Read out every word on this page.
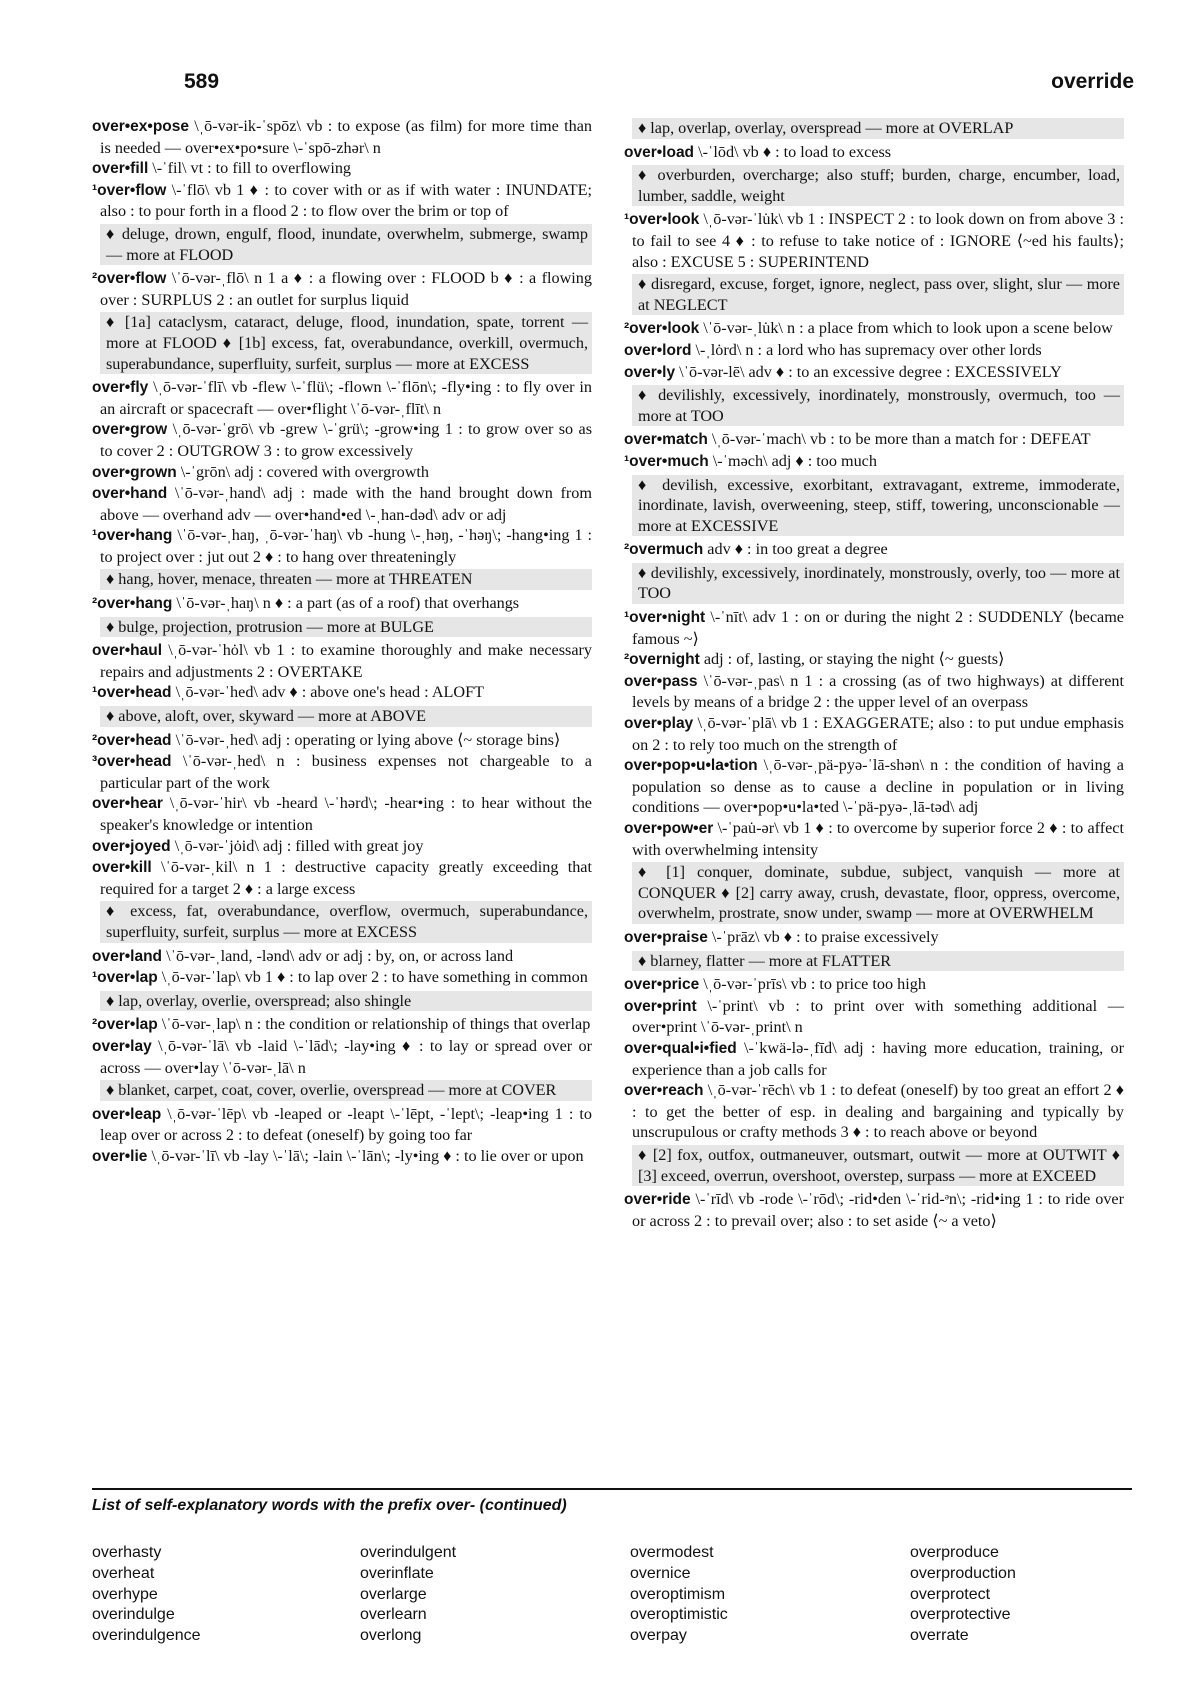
589	override
over•ex•pose \ˌō-vər-ik-ˈspōz\ vb : to expose (as film) for more time than is needed — over•ex•po•sure \-ˈspō-zhər\ n
over•fill \-ˈfil\ vt : to fill to overflowing
¹over•flow \-ˈflō\ vb 1 ♦ : to cover with or as if with water : INUNDATE; also : to pour forth in a flood 2 : to flow over the brim or top of
♦ deluge, drown, engulf, flood, inundate, overwhelm, submerge, swamp — more at FLOOD
²over•flow \ˈō-vər-ˌflō\ n 1 a ♦ : a flowing over : FLOOD b ♦ : a flowing over : SURPLUS 2 : an outlet for surplus liquid
♦ [1a] cataclysm, cataract, deluge, flood, inundation, spate, torrent — more at FLOOD ♦ [1b] excess, fat, overabundance, overkill, overmuch, superabundance, superfluity, surfeit, surplus — more at EXCESS
over•fly \ˌō-vər-ˈflī\ vb -flew \-ˈflü\; -flown \-ˈflōn\; -fly•ing : to fly over in an aircraft or spacecraft — over•flight \ˈō-vər-ˌflīt\ n
over•grow \ˌō-vər-ˈgrō\ vb -grew \-ˈgrü\; -grow•ing 1 : to grow over so as to cover 2 : OUTGROW 3 : to grow excessively
over•grown \-ˈgrōn\ adj : covered with overgrowth
over•hand \ˈō-vər-ˌhand\ adj : made with the hand brought down from above — overhand adv — over•hand•ed \-ˌhan-dəd\ adv or adj
¹over•hang \ˈō-vər-ˌhaŋ, ˌō-vər-ˈhaŋ\ vb -hung \-ˌhəŋ, -ˈhəŋ\; -hang•ing 1 : to project over : jut out 2 ♦ : to hang over threateningly
♦ hang, hover, menace, threaten — more at THREATEN
²over•hang \ˈō-vər-ˌhaŋ\ n ♦ : a part (as of a roof) that overhangs
♦ bulge, projection, protrusion — more at BULGE
over•haul \ˌō-vər-ˈhȯl\ vb 1 : to examine thoroughly and make necessary repairs and adjustments 2 : OVERTAKE
¹over•head \ˌō-vər-ˈhed\ adv ♦ : above one's head : ALOFT
♦ above, aloft, over, skyward — more at ABOVE
²over•head \ˈō-vər-ˌhed\ adj : operating or lying above ⟨~ storage bins⟩
³over•head \ˈō-vər-ˌhed\ n : business expenses not chargeable to a particular part of the work
over•hear \ˌō-vər-ˈhir\ vb -heard \-ˈhərd\; -hear•ing : to hear without the speaker's knowledge or intention
over•joyed \ˌō-vər-ˈjȯid\ adj : filled with great joy
over•kill \ˈō-vər-ˌkil\ n 1 : destructive capacity greatly exceeding that required for a target 2 ♦ : a large excess
♦ excess, fat, overabundance, overflow, overmuch, superabundance, superfluity, surfeit, surplus — more at EXCESS
over•land \ˈō-vər-ˌland, -lənd\ adv or adj : by, on, or across land
¹over•lap \ˌō-vər-ˈlap\ vb 1 ♦ : to lap over 2 : to have something in common
♦ lap, overlay, overlie, overspread; also shingle
²over•lap \ˈō-vər-ˌlap\ n : the condition or relationship of things that overlap
over•lay \ˌō-vər-ˈlā\ vb -laid \-ˈlād\; -lay•ing ♦ : to lay or spread over or across — over•lay \ˈō-vər-ˌlā\ n
♦ blanket, carpet, coat, cover, overlie, overspread — more at COVER
over•leap \ˌō-vər-ˈlēp\ vb -leaped or -leapt \-ˈlēpt, -ˈlept\; -leap•ing 1 : to leap over or across 2 : to defeat (oneself) by going too far
over•lie \ˌō-vər-ˈlī\ vb -lay \-ˈlā\; -lain \-ˈlān\; -ly•ing ♦ : to lie over or upon
♦ lap, overlap, overlay, overspread — more at OVERLAP
over•load \-ˈlōd\ vb ♦ : to load to excess
♦ overburden, overcharge; also stuff; burden, charge, encumber, load, lumber, saddle, weight
¹over•look \ˌō-vər-ˈlu̇k\ vb 1 : INSPECT 2 : to look down on from above 3 : to fail to see 4 ♦ : to refuse to take notice of : IGNORE ⟨~ed his faults⟩; also : EXCUSE 5 : SUPERINTEND
♦ disregard, excuse, forget, ignore, neglect, pass over, slight, slur — more at NEGLECT
²over•look \ˈō-vər-ˌlu̇k\ n : a place from which to look upon a scene below
over•lord \-ˌlȯrd\ n : a lord who has supremacy over other lords
over•ly \ˈō-vər-lē\ adv ♦ : to an excessive degree : EXCESSIVELY
♦ devilishly, excessively, inordinately, monstrously, overmuch, too — more at TOO
over•match \ˌō-vər-ˈmach\ vb : to be more than a match for : DEFEAT
¹over•much \-ˈməch\ adj ♦ : too much
♦ devilish, excessive, exorbitant, extravagant, extreme, immoderate, inordinate, lavish, overweening, steep, stiff, towering, unconscionable — more at EXCESSIVE
²overmuch adv ♦ : in too great a degree
♦ devilishly, excessively, inordinately, monstrously, overly, too — more at TOO
¹over•night \-ˈnīt\ adv 1 : on or during the night 2 : SUDDENLY ⟨became famous ~⟩
²overnight adj : of, lasting, or staying the night ⟨~ guests⟩
over•pass \ˈō-vər-ˌpas\ n 1 : a crossing (as of two highways) at different levels by means of a bridge 2 : the upper level of an overpass
over•play \ˌō-vər-ˈplā\ vb 1 : EXAGGERATE; also : to put undue emphasis on 2 : to rely too much on the strength of
over•pop•u•la•tion \ˌō-vər-ˌpä-pyə-ˈlā-shən\ n : the condition of having a population so dense as to cause a decline in population or in living conditions — over•pop•u•la•ted \-ˈpä-pyə-ˌlā-təd\ adj
over•pow•er \-ˈpau̇-ər\ vb 1 ♦ : to overcome by superior force 2 ♦ : to affect with overwhelming intensity
♦ [1] conquer, dominate, subdue, subject, vanquish — more at CONQUER ♦ [2] carry away, crush, devastate, floor, oppress, overcome, overwhelm, prostrate, snow under, swamp — more at OVERWHELM
over•praise \-ˈprāz\ vb ♦ : to praise excessively
♦ blarney, flatter — more at FLATTER
over•price \ˌō-vər-ˈprīs\ vb : to price too high
over•print \-ˈprint\ vb : to print over with something additional — over•print \ˈō-vər-ˌprint\ n
over•qual•i•fied \-ˈkwä-lə-ˌfīd\ adj : having more education, training, or experience than a job calls for
over•reach \ˌō-vər-ˈrēch\ vb 1 : to defeat (oneself) by too great an effort 2 ♦ : to get the better of esp. in dealing and bargaining and typically by unscrupulous or crafty methods 3 ♦ : to reach above or beyond
♦ [2] fox, outfox, outmaneuver, outsmart, outwit — more at OUTWIT ♦ [3] exceed, overrun, overshoot, overstep, surpass — more at EXCEED
over•ride \-ˈrīd\ vb -rode \-ˈrōd\; -rid•den \-ˈrid-ᵊn\; -rid•ing 1 : to ride over or across 2 : to prevail over; also : to set aside ⟨~ a veto⟩
List of self-explanatory words with the prefix over- (continued)
overhasty
overheat
overhype
overindulge
overindulgence
overindulgent
overinflate
overlarge
overlearn
overlong
overmodest
overnice
overoptimism
overoptimistic
overpay
overproduce
overproduction
overprotect
overprotective
overrate
